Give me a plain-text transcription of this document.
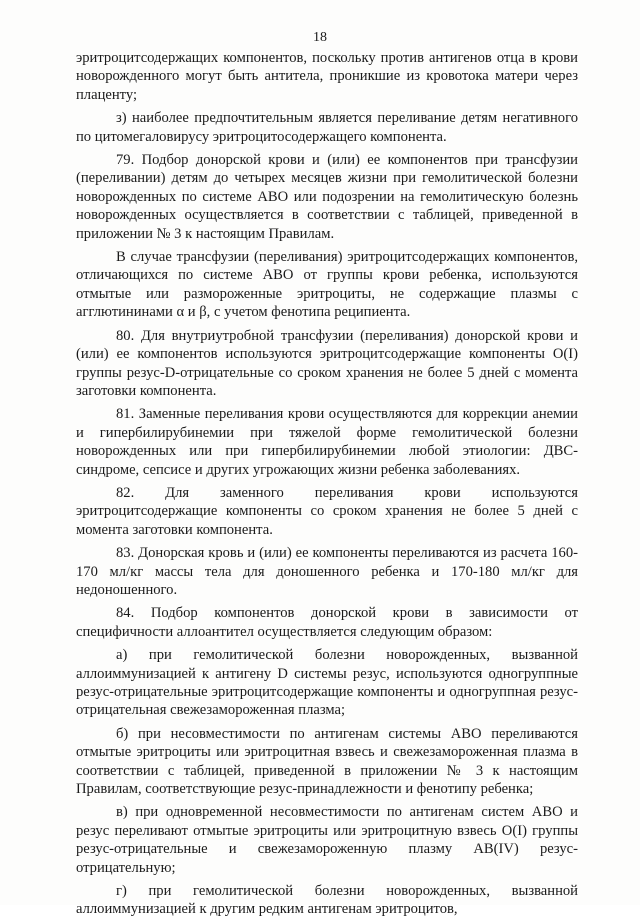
18

эритроцитсодержащих компонентов, поскольку против антигенов отца в крови новорожденного могут быть антитела, проникшие из кровотока матери через плаценту;

з) наиболее предпочтительным является переливание детям негативного по цитомегаловирусу эритроцитосодержащего компонента.

79. Подбор донорской крови и (или) ее компонентов при трансфузии (переливании) детям до четырех месяцев жизни при гемолитической болезни новорожденных по системе АВО или подозрении на гемолитическую болезнь новорожденных осуществляется в соответствии с таблицей, приведенной в приложении № 3 к настоящим Правилам.

В случае трансфузии (переливания) эритроцитсодержащих компонентов, отличающихся по системе АВО от группы крови ребенка, используются отмытые или размороженные эритроциты, не содержащие плазмы с агглютининами α и β, с учетом фенотипа реципиента.

80. Для внутриутробной трансфузии (переливания) донорской крови и (или) ее компонентов используются эритроцитсодержащие компоненты О(I) группы резус-D-отрицательные со сроком хранения не более 5 дней с момента заготовки компонента.

81. Заменные переливания крови осуществляются для коррекции анемии и гипербилирубинемии при тяжелой форме гемолитической болезни новорожденных или при гипербилирубинемии любой этиологии: ДВС-синдроме, сепсисе и других угрожающих жизни ребенка заболеваниях.

82. Для заменного переливания крови используются эритроцитсодержащие компоненты со сроком хранения не более 5 дней с момента заготовки компонента.

83. Донорская кровь и (или) ее компоненты переливаются из расчета 160-170 мл/кг массы тела для доношенного ребенка и 170-180 мл/кг для недоношенного.

84. Подбор компонентов донорской крови в зависимости от специфичности аллоантител осуществляется следующим образом:

а) при гемолитической болезни новорожденных, вызванной аллоиммунизацией к антигену D системы резус, используются одногруппные резус-отрицательные эритроцитсодержащие компоненты и одногруппная резус-отрицательная свежезамороженная плазма;

б) при несовместимости по антигенам системы АВО переливаются отмытые эритроциты или эритроцитная взвесь и свежезамороженная плазма в соответствии с таблицей, приведенной в приложении № 3 к настоящим Правилам, соответствующие резус-принадлежности и фенотипу ребенка;

в) при одновременной несовместимости по антигенам систем АВО и резус переливают отмытые эритроциты или эритроцитную взвесь О(I) группы резус-отрицательные и свежезамороженную плазму АВ(IV) резус-отрицательную;

г) при гемолитической болезни новорожденных, вызванной аллоиммунизацией к другим редким антигенам эритроцитов,
